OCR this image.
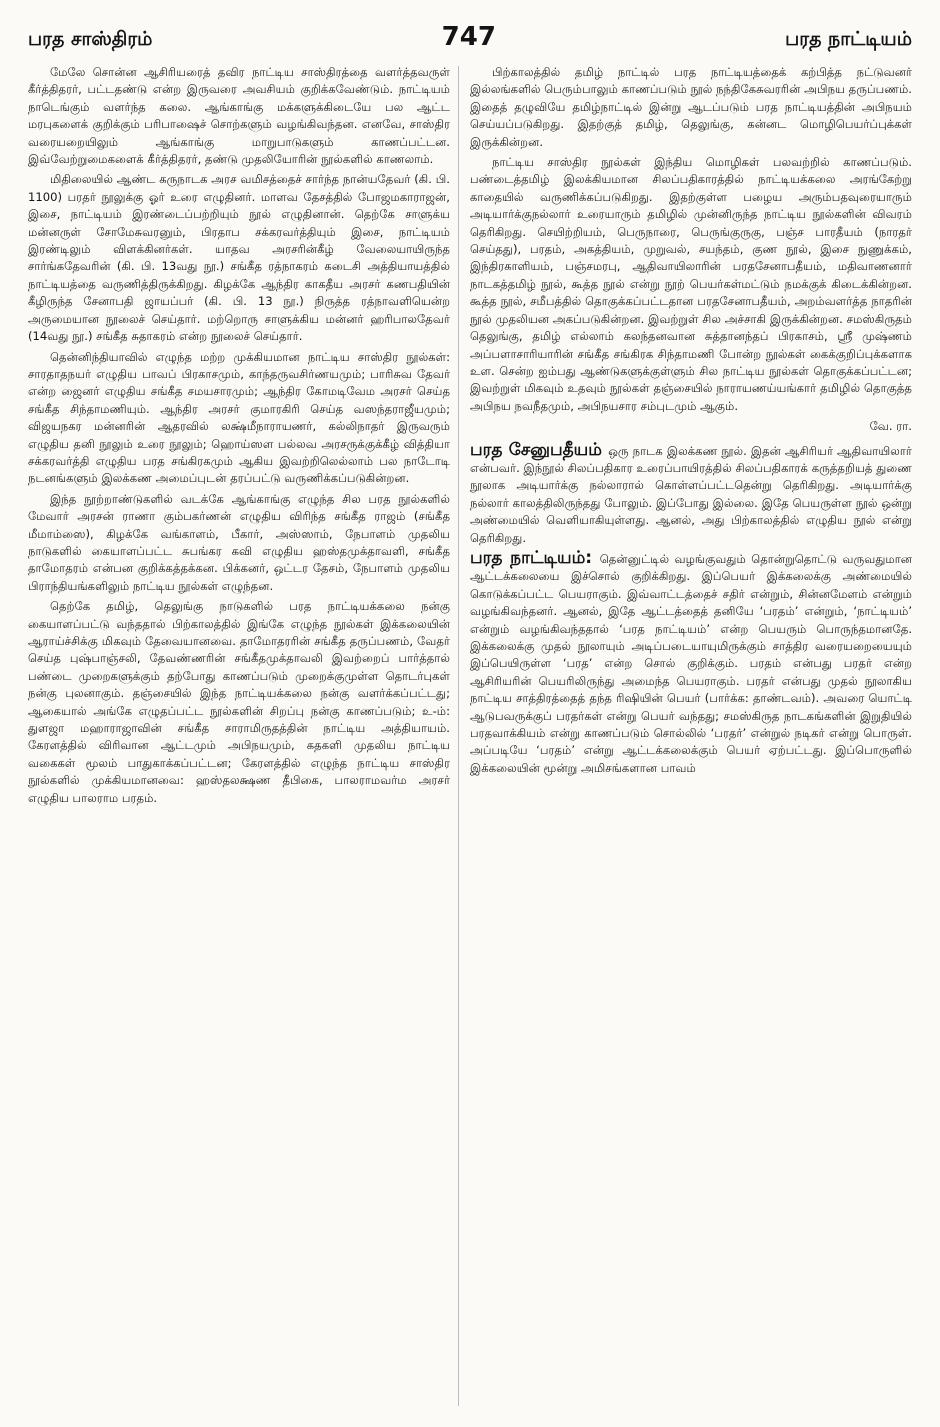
பரத சாஸ்திரம்	747	பரத நாட்டியம்

மேலே சொன்ன ஆசிரியரைத் தவிர நாட்டிய சாஸ்திரத்தை வளர்த்தவருள் கீர்த்திதரர், பட்டதண்டு என்ற இருவரை அவசியம் குறிக்கவேண்டும். நாட்டியம் நாடெங்கும் வளர்ந்த கலை. ஆங்காங்கு மக்களுக்கிடையே பல ஆட்ட மரபுகளைக் குறிக்கும் பரிபாஷைச் சொற்களும் வழங்கிவந்தன. எனவே, சாஸ்திர வரையறையிலும் ஆங்காங்கு மாறுபாடுகளும் காணப்பட்டன. இவ்வேற்றுமைகளைக் கீர்த்திதரர், தண்டு முதலியோரின் நூல்களில் காணலாம்.

மிதிலையில் ஆண்ட கருநாடக அரச வமிசத்தைச் சார்ந்த நான்யதேவர் (கி. பி. 1100) பரதர் நூலுக்கு ஓர் உரை எழுதினர். மாளவ தேசத்தில் போஜமகாராஜன், இசை, நாட்டியம் இரண்டைப்பற்றியும் நூல் எழுதினான். தெற்கே சாளுக்ய மன்னருள் சோமேசுவரனும், பிரதாப சக்கரவர்த்தியும் இசை, நாட்டியம் இரண்டிலும் விளக்கினர்கள். யாதவ அரசரின்கீழ் வேலையாயிருந்த சார்ங்கதேவரின் (கி. பி. 13வது நூ.) சங்கீத ரத்நாகரம் கடைசி அத்தியாயத்தில் நாட்டியத்தை வருணித்திருக்கிறது. கிழக்கே ஆந்திர காகதீய அரசர் கணபதியின் கீழிருந்த சேனாபதி ஜாயப்பர் (கி. பி. 13 நூ.) நிருத்த ரத்நாவளியென்ற அருமையான நூலைச் செய்தார். மற்றொரு சாளுக்கிய மன்னர் ஹரிபாலதேவர் (14வது நூ.) சங்கீத சுதாகரம் என்ற நூலைச் செய்தார்.

தென்னிந்தியாவில் எழுந்த மற்ற முக்கியமான நாட்டிய சாஸ்திர நூல்கள்: சாரதாதநயர் எழுதிய பாவப் பிரகாசமும், காந்தருவசிர்ணயமும்; பாரிசுவ தேவர் என்ற ஜைனர் எழுதிய சங்கீத சமயசாரமும்; ஆந்திர கோமடிவேம அரசர் செய்த சங்கீத சிந்தாமணியும். ஆந்திர அரசர் குமாரகிரி செய்த வஸந்தராஜீயமும்; விஜயநகர மன்னரின் ஆதரவில் லக்ஷ்மீநாராயணர், கல்லிநாதர் இருவரும் எழுதிய தனி நூலும் உரை நூலும்; ஹொய்ஸள பல்லவ அரசருக்குக்கீழ் வித்தியா சக்கரவர்த்தி எழுதிய பரத சங்கிரகமும் ஆகிய இவற்றிலெல்லாம் பல நாடோடி நடனங்களும் இலக்கண அமைப்புடன் தரப்பட்டு வருணிக்கப்படுகின்றன.

இந்த நூற்றாண்டுகளில் வடக்கே ஆங்காங்கு எழுந்த சில பரத நூல்களில் மேவார் அரசன் ராணா கும்பகர்ணன் எழுதிய விரிந்த சங்கீத ராஜம் (சங்கீத மீமாம்ஸை), கிழக்கே வங்காளம், பீகார், அஸ்ஸாம், நேபாளம் முதலிய நாடுகளில் கையாளப்பட்ட சுபங்கர கவி எழுதிய ஹஸ்தமுக்தாவளி, சங்கீத தாமோதரம் என்பன குறிக்கத்தக்கன. பிக்கனர், ஒட்டர தேசம், நேபாளம் முதலிய பிராந்தியங்களிலும் நாட்டிய நூல்கள் எழுந்தன.

தெற்கே தமிழ், தெலுங்கு நாடுகளில் பரத நாட்டியக்கலை நன்கு கையாளப்பட்டு வந்ததால் பிற்காலத்தில் இங்கே எழுந்த நூல்கள் இக்கலையின் ஆராய்ச்சிக்கு மிகவும் தேவையானவை. தாமோதரரின் சங்கீத தருப்பணம், வேதர் செய்த புஷ்பாஞ்சலி, தேவண்ணரின் சங்கீதமுக்தாவலி இவற்றைப் பார்த்தால் பண்டை முறைகளுக்கும் தற்போது காணப்படும் முறைக்குமுள்ள தொடர்புகள் நன்கு புலனாகும். தஞ்சையில் இந்த நாட்டியக்கலை நன்கு வளர்க்கப்பட்டது; ஆகையால் அங்கே எழுதப்பட்ட நூல்களின் சிறப்பு நன்கு காணப்படும்; உ-ம்: துளஜா மஹாராஜாவின் சங்கீத சாராமிருதத்தின் நாட்டிய அத்தியாயம். கேரளத்தில் விரிவான ஆட்டமும் அபிநயமும், கதகளி முதலிய நாட்டிய வகைகள் மூலம் பாதுகாக்கப்பட்டன; கேரளத்தில் எழுந்த நாட்டிய சாஸ்திர நூல்களில் முக்கியமானவை: ஹஸ்தலக்ஷண தீபிகை, பாலராமவர்ம அரசர் எழுதிய பாலராம பரதம்.

பிற்காலத்தில் தமிழ் நாட்டில் பரத நாட்டியத்தைக் கற்பித்த நட்டுவனர் இல்லங்களில் பெரும்பாலும் காணப்படும் நூல் நந்திகேசுவரரின் அபிநய தருப்பணம். இதைத் தழுவியே தமிழ்நாட்டில் இன்று ஆடப்படும் பரத நாட்டியத்தின் அபிநயம் செய்யப்படுகிறது. இதற்குத் தமிழ், தெலுங்கு, கன்னட மொழிபெயர்ப்புக்கள் இருக்கின்றன.

நாட்டிய சாஸ்திர நூல்கள் இந்திய மொழிகள் பலவற்றில் காணப்படும். பண்டைத்தமிழ் இலக்கியமான சிலப்பதிகாரத்தில் நாட்டியக்கலை அரங்கேற்று காதையில் வருணிக்கப்படுகிறது. இதற்குள்ள பழைய அரும்பதவுரையாரும் அடியார்க்குநல்லார் உரையாரும் தமிழில் முன்னிருந்த நாட்டிய நூல்களின் விவரம் தெரிகிறது. செயிற்றியம், பெருநாரை, பெருங்குருகு, பஞ்ச பாரதீயம் (நாரதர் செய்தது), பரதம், அகத்தியம், முறுவல், சயந்தம், குண நூல், இசை நுணுக்கம், இந்திரகாளியம், பஞ்சமரபு, ஆதிவாயிலாரின் பரதசேனாபதீயம், மதிவாணனார் நாடகத்தமிழ் நூல், கூத்த நூல் என்று நூற் பெயர்கள்மட்டும் நமக்குக் கிடைக்கின்றன. கூத்த நூல், சமீபத்தில் தொகுக்கப்பட்டதான பரதசேனாபதீயம், அறம்வளர்த்த நாதரின் நூல் முதலியன அகப்படுகின்றன. இவற்றுள் சில அச்சாகி இருக்கின்றன. சமஸ்கிருதம் தெலுங்கு, தமிழ் எல்லாம் கலந்தனவான சுத்தானந்தப் பிரகாசம், ஸ்ரீ முஷ்ணம் அப்பளாசாரியாரின் சங்கீத சங்கிரக சிந்தாமணி போன்ற நூல்கள் கைக்குறிப்புக்களாக உள. சென்ற ஐம்பது ஆண்டுகளுக்குள்ளும் சில நாட்டிய நூல்கள் தொகுக்கப்பட்டன; இவற்றுள் மிகவும் உதவும் நூல்கள் தஞ்சையில் நாராயணய்யங்கார் தமிழில் தொகுத்த அபிநய நவநீதமும், அபிநயசார சம்புடமும் ஆகும்.

வே. ரா.

பரத சேனுபதீயம் ஒரு நாடக இலக்கண நூல். இதன் ஆசிரியர் ஆதிவாயிலார் என்பவர். இந்நூல் சிலப்பதிகார உரைப்பாயிரத்தில் சிலப்பதிகாரக் கருத்தறியத் துணை நூலாக அடியார்க்கு நல்லாரால் கொள்ளப்பட்டதென்று தெரிகிறது. அடியார்க்கு நல்லார் காலத்திலிருந்தது போலும். இப்போது இல்லை. இதே பெயருள்ள நூல் ஒன்று அண்மையில் வெளியாகியுள்ளது. ஆனல், அது பிற்காலத்தில் எழுதிய நூல் என்று தெரிகிறது.

பரத நாட்டியம்: தென்னுட்டில் வழங்குவதும் தொன்றுதொட்டு வருவதுமான ஆட்டக்கலையை இச்சொல் குறிக்கிறது. இப்பெயர் இக்கலைக்கு அண்மையில் கொடுக்கப்பட்ட பெயராகும். இவ்வாட்டத்தைச் சதிர் என்றும், சின்னமேளம் என்றும் வழங்கிவந்தனர். ஆனல், இதே ஆட்டத்தைத் தனியே ‘பரதம்’ என்றும், ‘நாட்டியம்’ என்றும் வழங்கிவந்ததால் ‘பரத நாட்டியம்’ என்ற பெயரும் பொருந்தமானதே. இக்கலைக்கு முதல் நூலாயும் அடிப்படையாயுமிருக்கும் சாத்திர வரையறையையும் இப்பெயிருள்ள ‘பரத’ என்ற சொல் குறிக்கும். பரதம் என்பது பரதர் என்ற ஆசிரியரின் பெயரிலிருந்து அமைந்த பெயராகும். பரதர் என்பது முதல் நூலாகிய நாட்டிய சாத்திரத்தைத் தந்த ரிஷியின் பெயர் (பார்க்க: தாண்டவம்). அவரை யொட்டி ஆடுபவருக்குப் பரதர்கள் என்று பெயர் வந்தது; சமஸ்கிருத நாடகங்களின் இறுதியில் பரதவாக்கியம் என்று காணப்படும் சொல்லில் ‘பரதர்’ என்றுல் நடிகர் என்று பொருள். அப்படியே ‘பரதம்’ என்று ஆட்டக்கலைக்கும் பெயர் ஏற்பட்டது. இப்பொருளில் இக்கலையின் மூன்று அமிசங்களான பாவம்
